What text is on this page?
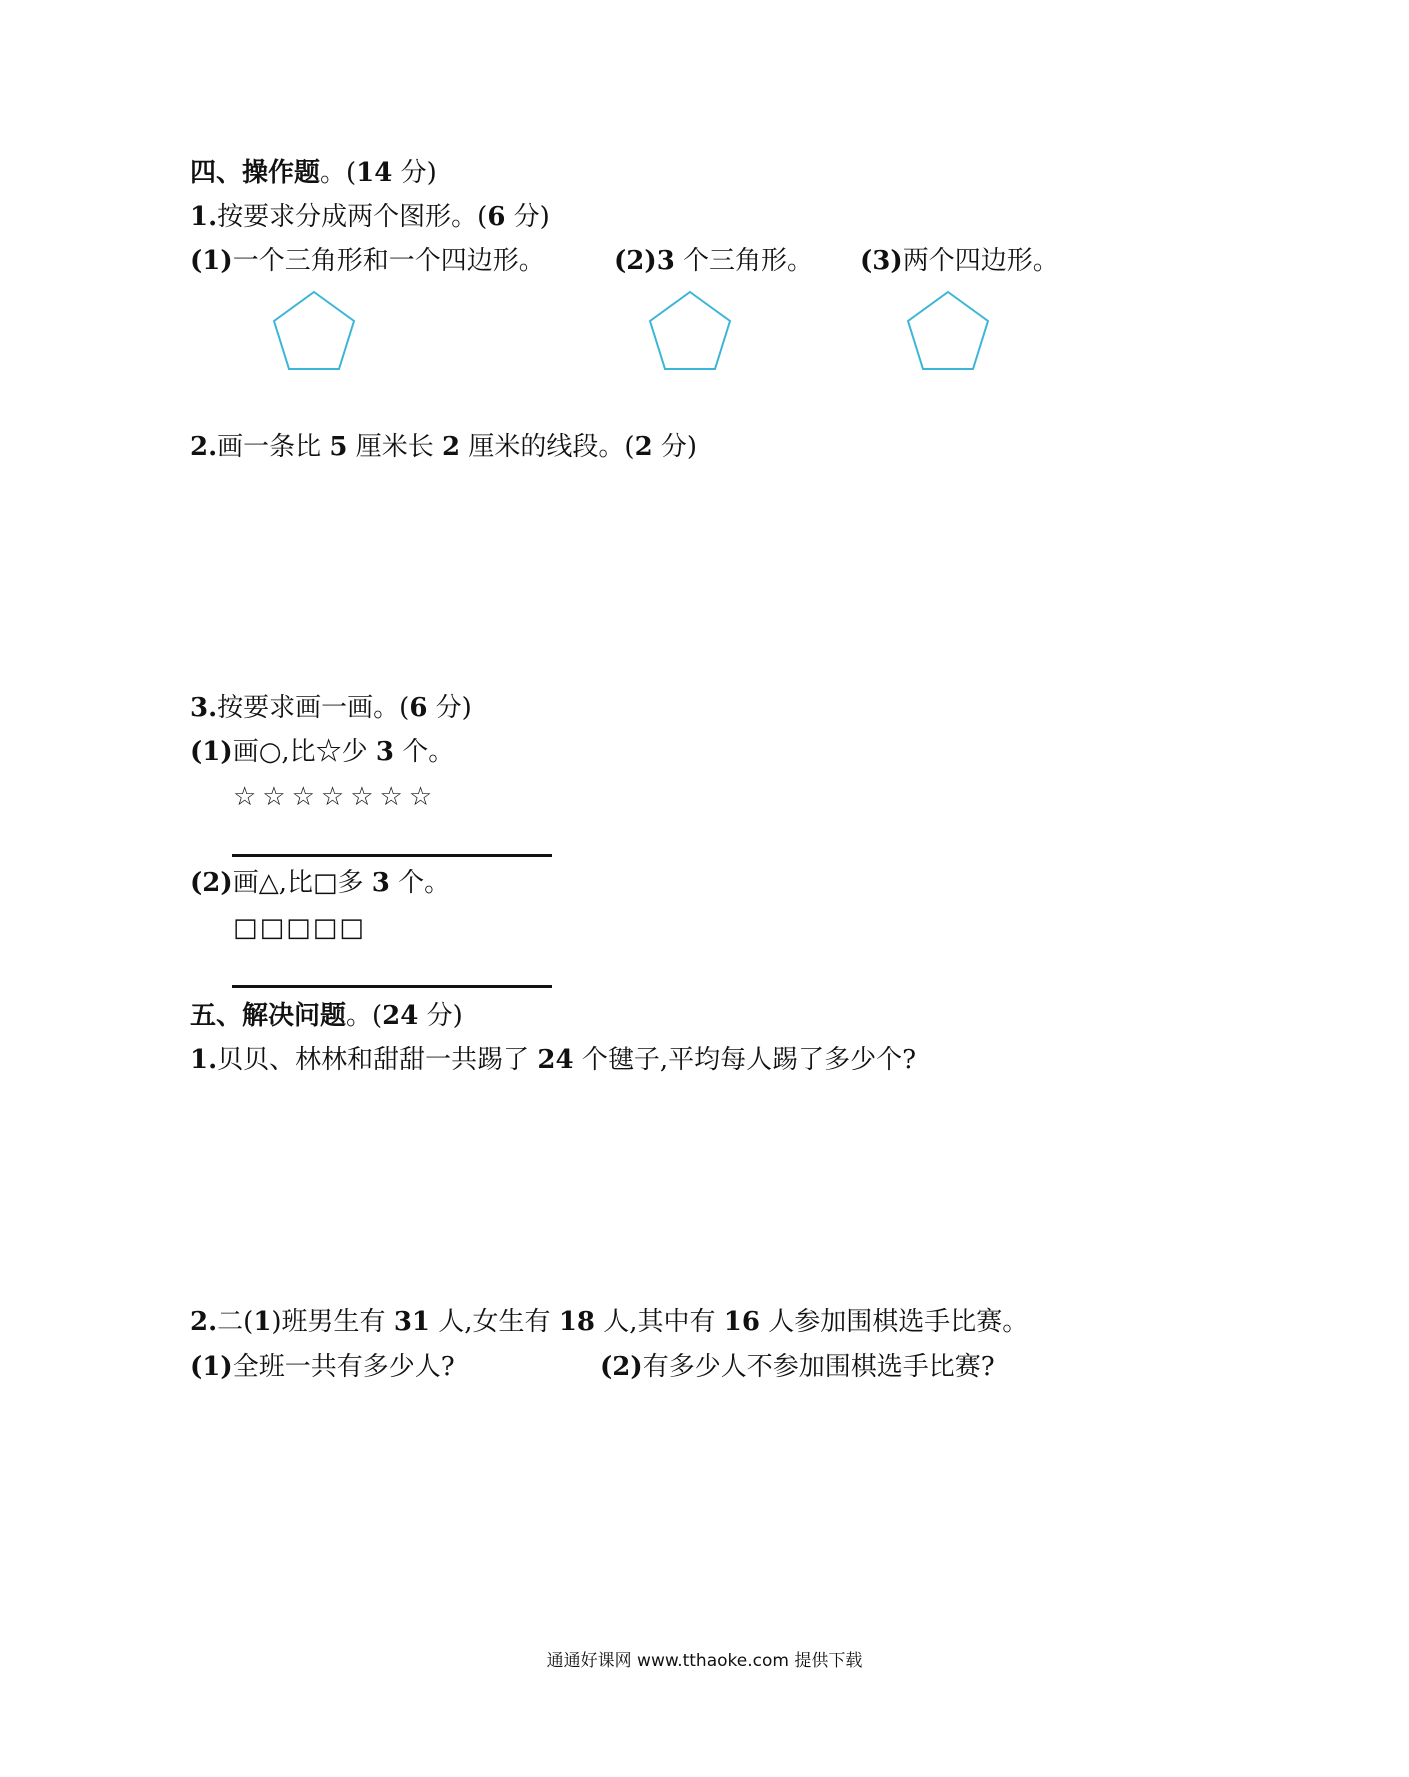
四、操作题。(14 分)
1.按要求分成两个图形。(6 分)
(1)一个三角形和一个四边形。	(2)3 个三角形。 (3)两个四边形。
2.画一条比 5 厘米长 2 厘米的线段。(2 分)
3.按要求画一画。(6 分)
(1)画○,比☆少 3 个。
☆☆☆☆☆☆☆
(2)画△,比□多 3 个。
□□□□□
五、解决问题。(24 分)
1.贝贝、林林和甜甜一共踢了 24 个毽子,平均每人踢了多少个?
2.二(1)班男生有 31 人,女生有 18 人,其中有 16 人参加围棋选手比赛。
(1)全班一共有多少人?	(2)有多少人不参加围棋选手比赛?
通通好课网 www.tthaoke.com 提供下载
